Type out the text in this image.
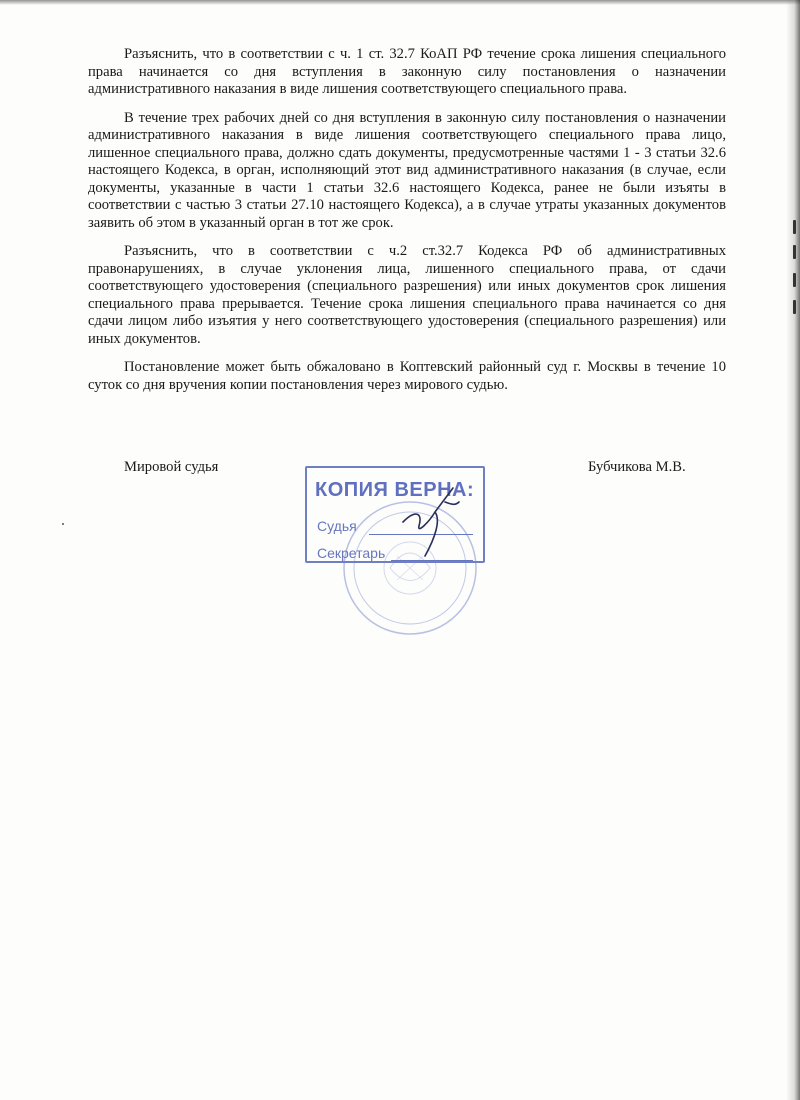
Разъяснить, что в соответствии с ч. 1 ст. 32.7 КоАП РФ течение срока лишения специального права начинается со дня вступления в законную силу постановления о назначении административного наказания в виде лишения соответствующего специального права.

В течение трех рабочих дней со дня вступления в законную силу постановления о назначении административного наказания в виде лишения соответствующего специального права лицо, лишенное специального права, должно сдать документы, предусмотренные частями 1 - 3 статьи 32.6 настоящего Кодекса, в орган, исполняющий этот вид административного наказания (в случае, если документы, указанные в части 1 статьи 32.6 настоящего Кодекса, ранее не были изъяты в соответствии с частью 3 статьи 27.10 настоящего Кодекса), а в случае утраты указанных документов заявить об этом в указанный орган в тот же срок.

Разъяснить, что в соответствии с ч.2 ст.32.7 Кодекса РФ об административных правонарушениях, в случае уклонения лица, лишенного специального права, от сдачи соответствующего удостоверения (специального разрешения) или иных документов срок лишения специального права прерывается. Течение срока лишения специального права начинается со дня сдачи лицом либо изъятия у него соответствующего удостоверения (специального разрешения) или иных документов.

Постановление может быть обжаловано в Коптевский районный суд г. Москвы в течение 10 суток со дня вручения копии постановления через мирового судью.

Мировой судья	Бубчикова М.В.
КОПИЯ ВЕРНА:
Судья
Секретарь
